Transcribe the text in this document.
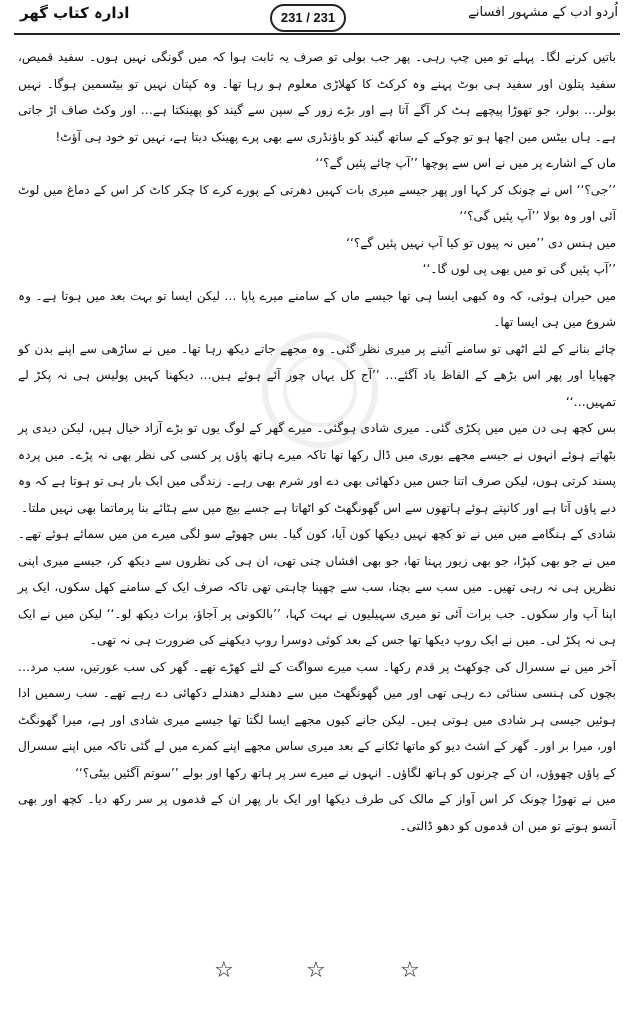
ادارہ کتاب گھر	231 / 231	اُردو ادب کے مشہور افسانے

باتیں کرنے لگا۔ پہلے تو میں چپ رہی۔ پھر جب بولی تو صرف یہ ثابت ہوا کہ میں گونگی نہیں ہوں۔ سفید قمیص، سفید پتلون اور سفید ہی بوٹ پہنے وہ کرکٹ کا کھلاڑی معلوم ہو رہا تھا۔ وہ کپتان نہیں تو بیٹسمین ہوگا۔ نہیں بولر… بولر، جو تھوڑا پیچھے ہٹ کر آگے آتا ہے اور بڑے زور کے سپن سے گیند کو پھینکتا ہے… اور وکٹ صاف اڑ جاتی ہے۔ ہاں بیٹس مین اچھا ہو تو چوکے کے ساتھ گیند کو باؤنڈری سے بھی پرے پھینک دیتا ہے، نہیں تو خود ہی آؤٹ!

ماں کے اشارے پر میں نے اس سے پوچھا ’’آپ چائے پئیں گے؟‘‘

’’جی؟‘‘ اس نے چونک کر کہا اور پھر جیسے میری بات کہیں دھرتی کے پورے کرے کا چکر کاٹ کر اس کے دماغ میں لوٹ آئی اور وہ بولا ’’آپ پئیں گی؟‘‘

میں ہنس دی ’’میں نہ پیوں تو کیا آپ نہیں پئیں گے؟‘‘

’’آپ پئیں گی تو میں بھی پی لوں گا۔‘‘

میں حیران ہوئی، کہ وہ کبھی ایسا ہی تھا جیسے ماں کے سامنے میرے پاپا … لیکن ایسا تو بہت بعد میں ہوتا ہے۔ وہ شروع میں ہی ایسا تھا۔

چائے بنانے کے لئے اٹھی تو سامنے آئینے پر میری نظر گئی۔ وہ مجھے جاتے دیکھ رہا تھا۔ میں نے ساڑھی سے اپنے بدن کو چھپایا اور پھر اس بڑھے کے الفاظ یاد آگئے… ’’آج کل یہاں چور آئے ہوئے ہیں… دیکھنا کہیں پولیس ہی نہ پکڑ لے تمہیں…‘‘

بس کچھ ہی دن میں میں پکڑی گئی۔ میری شادی ہوگئی۔ میرے گھر کے لوگ یوں تو بڑے آزاد خیال ہیں، لیکن دیدی پر بٹھاتے ہوئے انہوں نے جیسے مجھے بوری میں ڈال رکھا تھا تاکہ میرے ہاتھ پاؤں پر کسی کی نظر بھی نہ پڑے۔ میں پردہ پسند کرتی ہوں، لیکن صرف اتنا جس میں دکھائی بھی دے اور شرم بھی رہے۔ زندگی میں ایک بار ہی تو ہوتا ہے کہ وہ دبے پاؤں آتا ہے اور کانپتے ہوئے ہاتھوں سے اس گھونگھٹ کو اٹھاتا ہے جسے بیچ میں سے ہٹائے بنا پرماتما بھی نہیں ملتا۔

شادی کے ہنگامے میں میں نے تو کچھ نہیں دیکھا کون آیا، کون گیا۔ بس چھوٹے سو لگی میرے من میں سمائے ہوئے تھے۔ میں نے جو بھی کپڑا، جو بھی زیور پہنا تھا، جو بھی افشاں چنی تھی، ان ہی کی نظروں سے دیکھ کر، جیسے میری اپنی نظریں ہی نہ رہی تھیں۔ میں سب سے بچنا، سب سے چھپنا چاہتی تھی تاکہ صرف ایک کے سامنے کھل سکوں، ایک پر اپنا آپ وار سکوں۔ جب برات آئی تو میری سہیلیوں نے بہت کہا، ’’بالکونی پر آجاؤ، برات دیکھ لو۔‘‘ لیکن میں نے ایک ہی نہ پکڑ لی۔ میں نے ایک روپ دیکھا تھا جس کے بعد کوئی دوسرا روپ دیکھنے کی ضرورت ہی نہ تھی۔

آخر میں نے سسرال کی چوکھٹ پر قدم رکھا۔ سب میرے سواگت کے لئے کھڑے تھے۔ گھر کی سب عورتیں، سب مرد… بچوں کی ہنسی سنائی دے رہی تھی اور میں گھونگھٹ میں سے دھندلے دھندلے دکھائی دے رہے تھے۔ سب رسمیں ادا ہوئیں جیسی ہر شادی میں ہوتی ہیں۔ لیکن جانے کیوں مجھے ایسا لگتا تھا جیسے میری شادی اور ہے، میرا گھونگٹ اور، میرا بر اور۔ گھر کے اشٹ دیو کو ماتھا ٹکانے کے بعد میری ساس مجھے اپنے کمرے میں لے گئی تاکہ میں اپنے سسرال کے پاؤں چھوؤں، ان کے چرنوں کو ہاتھ لگاؤں۔ انہوں نے میرے سر پر ہاتھ رکھا اور بولے ’’سوتم آگئیں بیٹی؟‘‘

میں نے تھوڑا چونک کر اس آواز کے مالک کی طرف دیکھا اور ایک بار پھر ان کے قدموں پر سر رکھ دیا۔ کچھ اور بھی آنسو ہوتے تو میں ان قدموں کو دھو ڈالتی۔

☆	☆	☆
